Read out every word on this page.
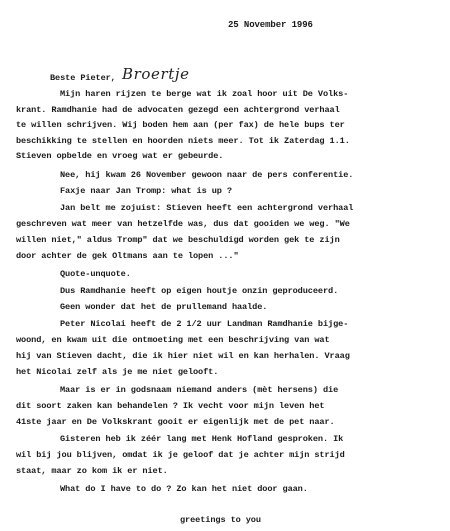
25 November 1996
Beste Pieter, Broertje
Mijn haren rijzen te berge wat ik zoal hoor uit De Volks-
krant. Ramdhanie had de advocaten gezegd een achtergrond verhaal
te willen schrijven. Wij boden hem aan (per fax) de hele bups ter
beschikking te stellen en hoorden niets meer. Tot ik Zaterdag 1.1.
Stieven opbelde en vroeg wat er gebeurde.
Nee, hij kwam 26 November gewoon naar de pers conferentie.
Faxje naar Jan Tromp: what is up ?
Jan belt me zojuist: Stieven heeft een achtergrond verhaal
geschreven wat meer van hetzelfde was, dus dat gooiden we weg. "We
willen niet," aldus Tromp" dat we beschuldigd worden gek te zijn
door achter de gek Oltmans aan te lopen ..."
Quote-unquote.
Dus Ramdhanie heeft op eigen houtje onzin geproduceerd.
Geen wonder dat het de prullemand haalde.
Peter Nicolai heeft de 2 1/2 uur Landman Ramdhanie bijge-
woond, en kwam uit die ontmoeting met een beschrijving van wat
hij van Stieven dacht, die ik hier niet wil en kan herhalen. Vraag
het Nicolai zelf als je me niet gelooft.
Maar is er in godsnaam niemand anders (mèt hersens) die
dit soort zaken kan behandelen ? Ik vecht voor mijn leven het
41ste jaar en De Volkskrant gooit er eigenlijk met de pet naar.
Gisteren heb ik zéér lang met Henk Hofland gesproken. Ik
wil bij jou blijven, omdat ik je geloof dat je achter mijn strijd
staat, maar zo kom ik er niet.
What do I have to do ? Zo kan het niet door gaan.
greetings to you
